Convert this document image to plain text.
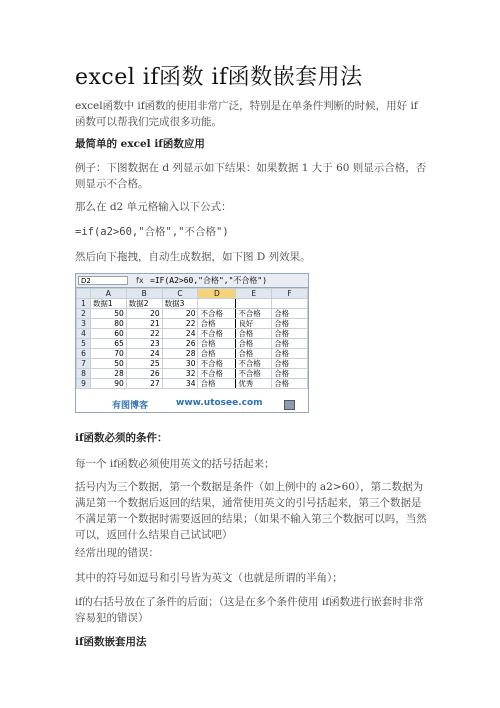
excel if函数 if函数嵌套用法
excel函数中 if函数的使用非常广泛，特别是在单条件判断的时候，用好 if 函数可以帮我们完成很多功能。
最简单的 excel if函数应用
例子：下图数据在 d 列显示如下结果：如果数据 1 大于 60 则显示合格，否则显示不合格。
那么在 d2 单元格输入以下公式：
=if(a2>60,"合格","不合格")
然后向下拖拽，自动生成数据，如下图 D 列效果。
D2	fx =IF(A2>60,"合格","不合格")
	A	B	C	D	E	F
1	数据1	数据2	数据3			
2	50	20	20	不合格	不合格	合格
3	80	21	22	合格	良好	合格
4	60	22	24	不合格	合格	合格
5	65	23	26	合格	合格	合格
6	70	24	28	合格	合格	合格
7	50	25	30	不合格	不合格	合格
8	28	26	32	不合格	不合格	合格
9	90	27	34	合格	优秀	合格
有图博客	www.utosee.com
if函数必须的条件：
每一个 if函数必须使用英文的括号括起来；
括号内为三个数据，第一个数据是条件（如上例中的 a2>60），第二数据为满足第一个数据后返回的结果，通常使用英文的引号括起来，第三个数据是不满足第一个数据时需要返回的结果；（如果不输入第三个数据可以吗，当然可以，返回什么结果自己试试吧）
经常出现的错误：
其中的符号如逗号和引号皆为英文（也就是所谓的半角）；
if的右括号放在了条件的后面；（这是在多个条件使用 if函数进行嵌套时非常容易犯的错误）
if函数嵌套用法
